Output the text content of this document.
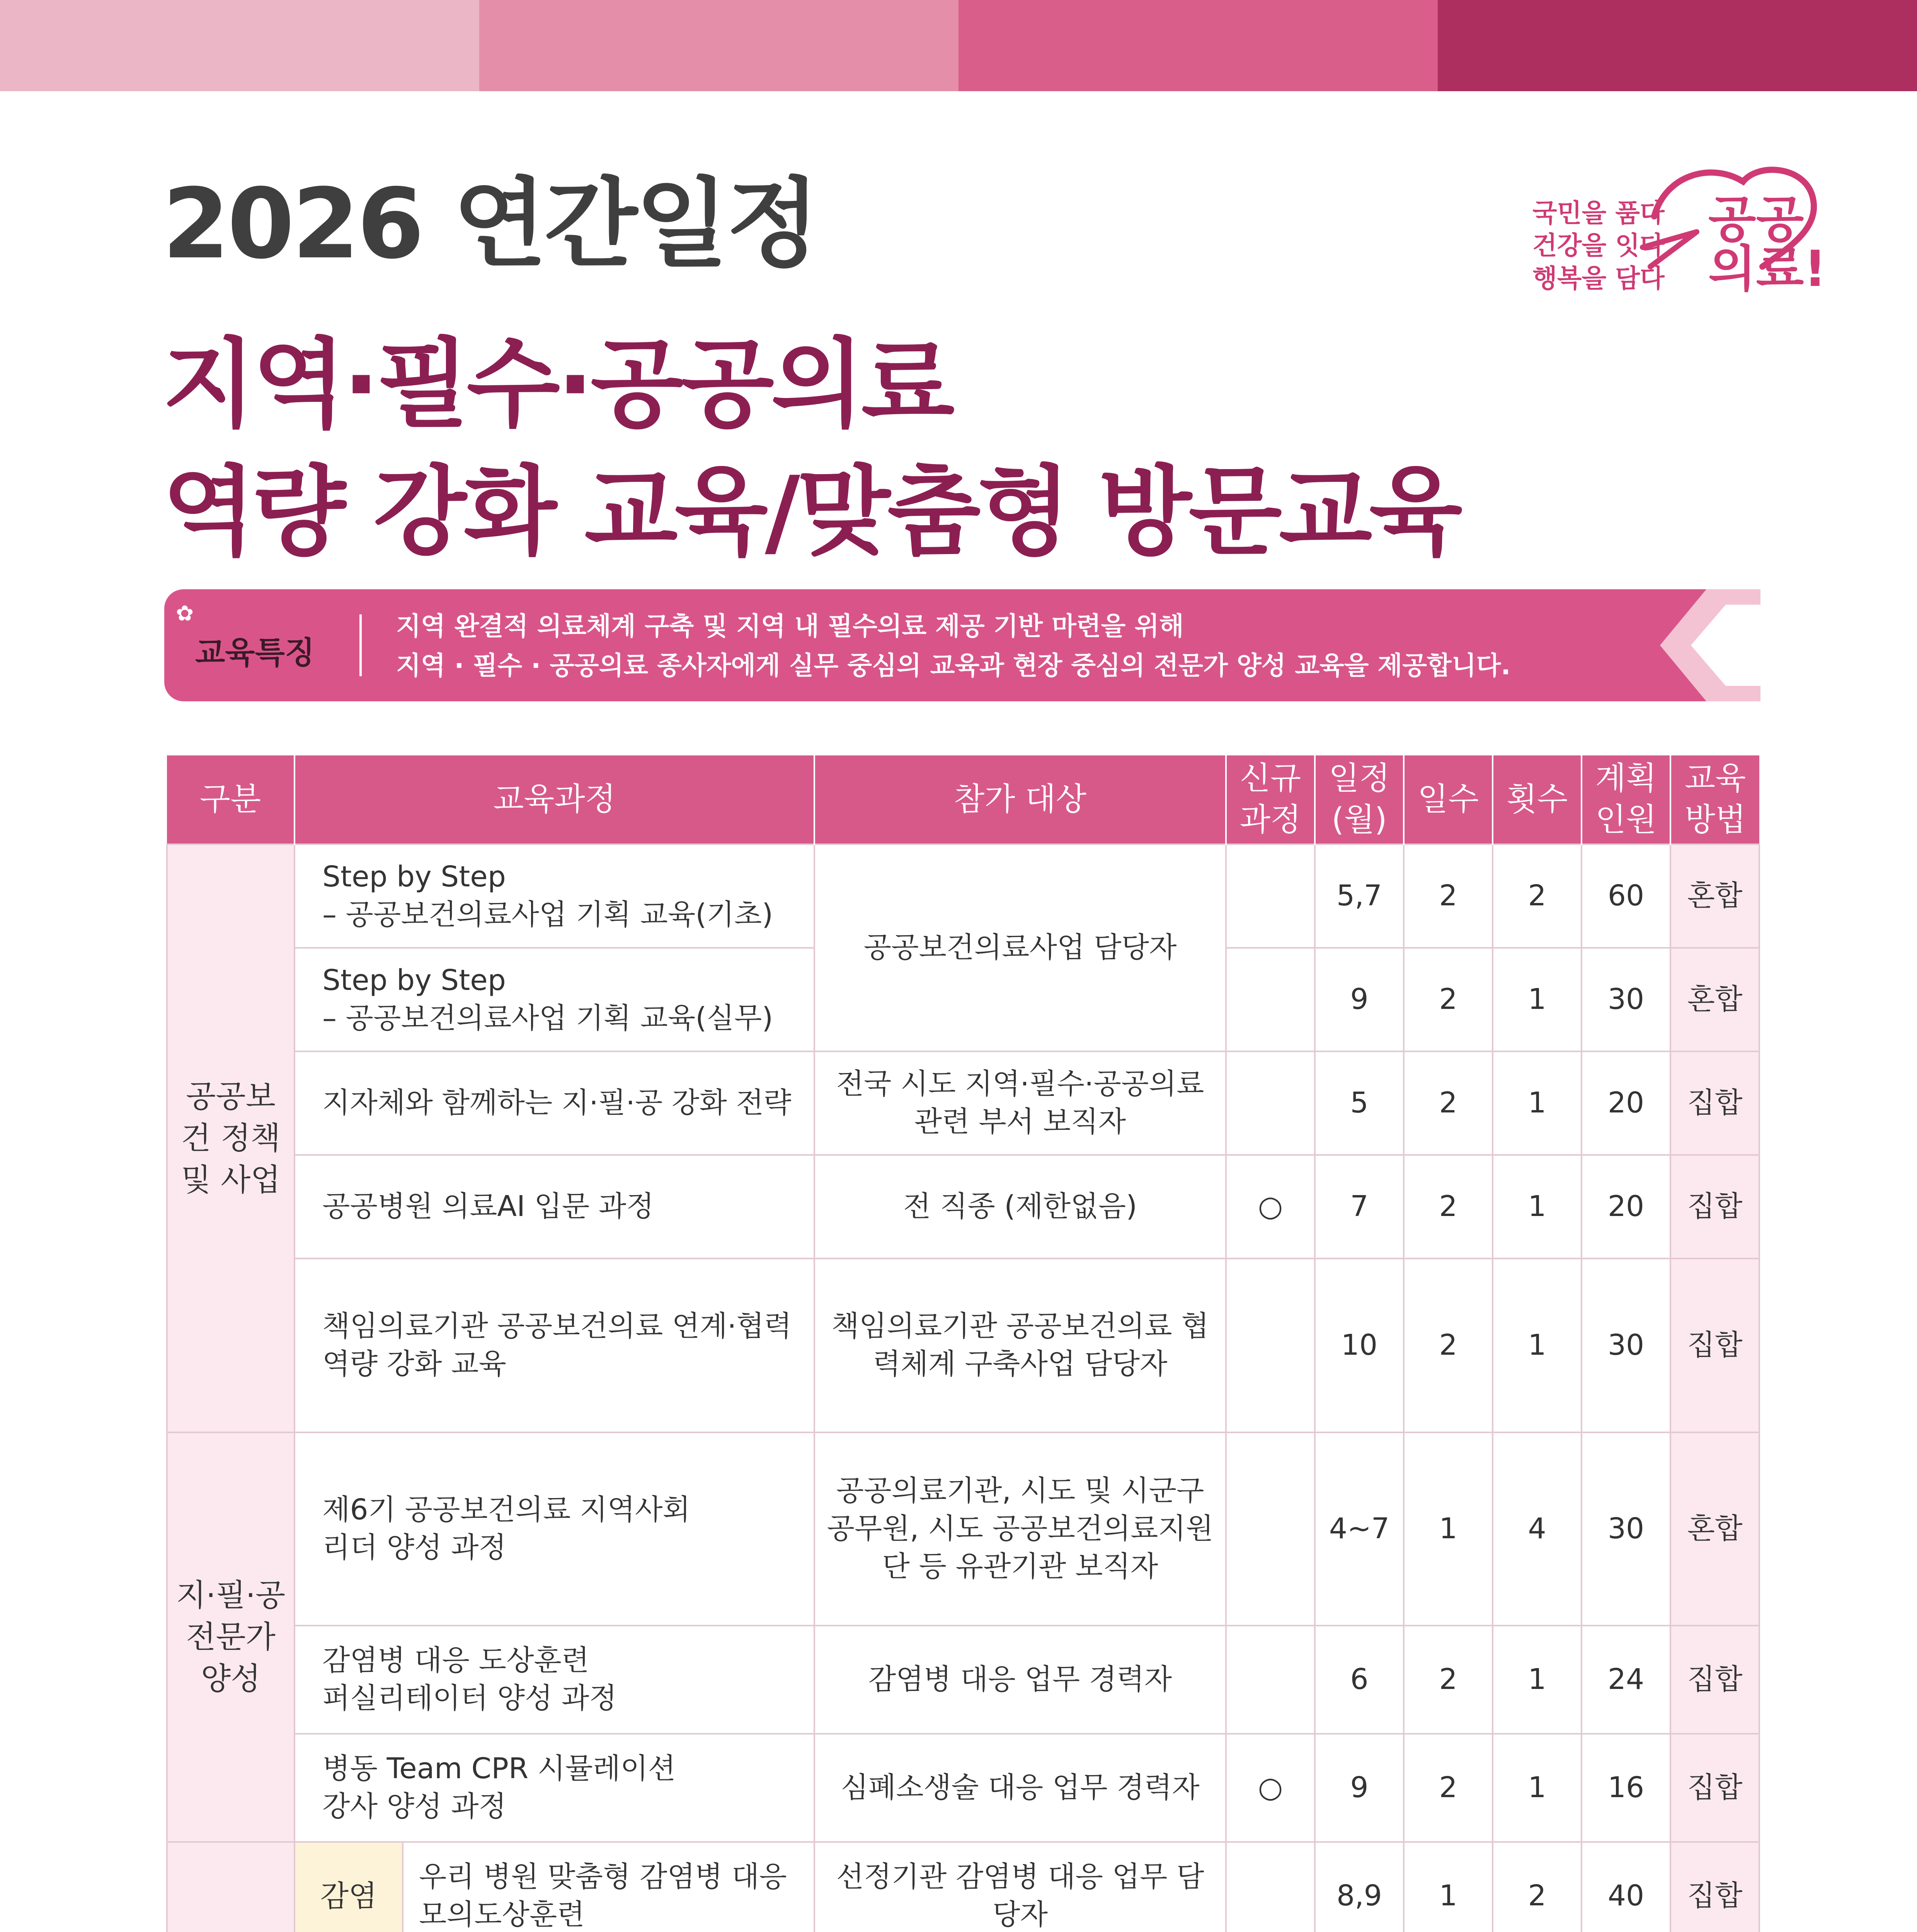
2026 연간일정
지역·필수·공공의료
역량 강화 교육/맞춤형 방문교육
국민을 품다
건강을 잇다
행복을 담다
공공
의료!
✿
교육특징
지역 완결적 의료체계 구축 및 지역 내 필수의료 제공 기반 마련을 위해
지역 · 필수 · 공공의료 종사자에게 실무 중심의 교육과 현장 중심의 전문가 양성 교육을 제공합니다.
구분	교육과정		참가 대상	신규 과정	일정 (월)	일수	횟수	계획 인원	교육 방법
공공보건 정책 및 사업	Step by Step
– 공공보건의료사업 기획 교육(기초)		공공보건의료사업 담당자		5,7	2	2	60	혼합

	Step by Step
– 공공보건의료사업 기획 교육(실무)				9	2	1	30	혼합

	지자체와 함께하는 지·필·공 강화 전략		전국 시도 지역·필수·공공의료 관련 부서 보직자		5	2	1	20	집합

	공공병원 의료AI 입문 과정		전 직종 (제한없음)	○	7	2	1	20	집합

	책임의료기관 공공보건의료 연계·협력
역량 강화 교육		책임의료기관 공공보건의료 협력체계 구축사업 담당자		10	2	1	30	집합
지·필·공 전문가 양성	제6기 공공보건의료 지역사회
리더 양성 과정		공공의료기관, 시도 및 시군구 공무원, 시도 공공보건의료지원단 등 유관기관 보직자		4~7	1	4	30	혼합

	감염병 대응 도상훈련
퍼실리테이터 양성 과정		감염병 대응 업무 경력자		6	2	1	24	집합

	병동 Team CPR 시뮬레이션
강사 양성 과정		심폐소생술 대응 업무 경력자	○	9	2	1	16	집합
	감염	우리 병원 맞춤형 감염병 대응
모의도상훈련	선정기관 감염병 대응 업무 담당자		8,9	1	2	40	집합
